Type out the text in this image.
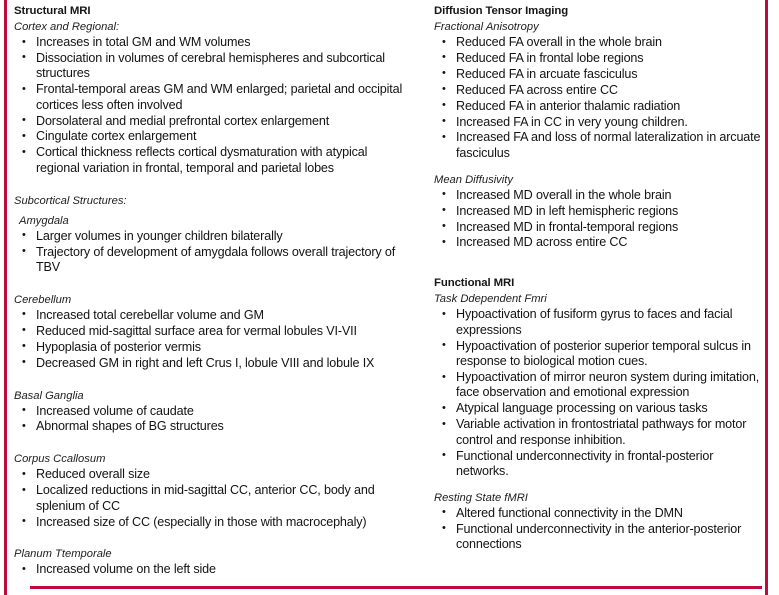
Structural MRI
Cortex and Regional:
• Increases in total GM and WM volumes
• Dissociation in volumes of cerebral hemispheres and subcortical structures
• Frontal-temporal areas GM and WM enlarged; parietal and occipital cortices less often involved
• Dorsolateral and medial prefrontal cortex enlargement
• Cingulate cortex enlargement
• Cortical thickness reflects cortical dysmaturation with atypical regional variation in frontal, temporal and parietal lobes
Subcortical Structures:
Amygdala
• Larger volumes in younger children bilaterally
• Trajectory of development of amygdala follows overall trajectory of TBV
Cerebellum
• Increased total cerebellar volume and GM
• Reduced mid-sagittal surface area for vermal lobules VI-VII
• Hypoplasia of posterior vermis
• Decreased GM in right and left Crus I, lobule VIII and lobule IX
Basal Ganglia
• Increased volume of caudate
• Abnormal shapes of BG structures
Corpus Ccallosum
• Reduced overall size
• Localized reductions in mid-sagittal CC, anterior CC, body and splenium of CC
• Increased size of CC (especially in those with macrocephaly)
Planum Ttemporale
• Increased volume on the left side
Diffusion Tensor Imaging
Fractional Anisotropy
• Reduced FA overall in the whole brain
• Reduced FA in frontal lobe regions
• Reduced FA in arcuate fasciculus
• Reduced FA across entire CC
• Reduced FA in anterior thalamic radiation
• Increased FA in CC in very young children.
• Increased FA and loss of normal lateralization in arcuate fasciculus
Mean Diffusivity
• Increased MD overall in the whole brain
• Increased MD in left hemispheric regions
• Increased MD in frontal-temporal regions
• Increased MD across entire CC
Functional MRI
Task Ddependent Fmri
• Hypoactivation of fusiform gyrus to faces and facial expressions
• Hypoactivation of posterior superior temporal sulcus in response to biological motion cues.
• Hypoactivation of mirror neuron system during imitation, face observation and emotional expression
• Atypical language processing on various tasks
• Variable activation in frontostriatal pathways for motor control and response inhibition.
• Functional underconnectivity in frontal-posterior networks.
Resting State fMRI
• Altered functional connectivity in the DMN
• Functional underconnectivity in the anterior-posterior connections
